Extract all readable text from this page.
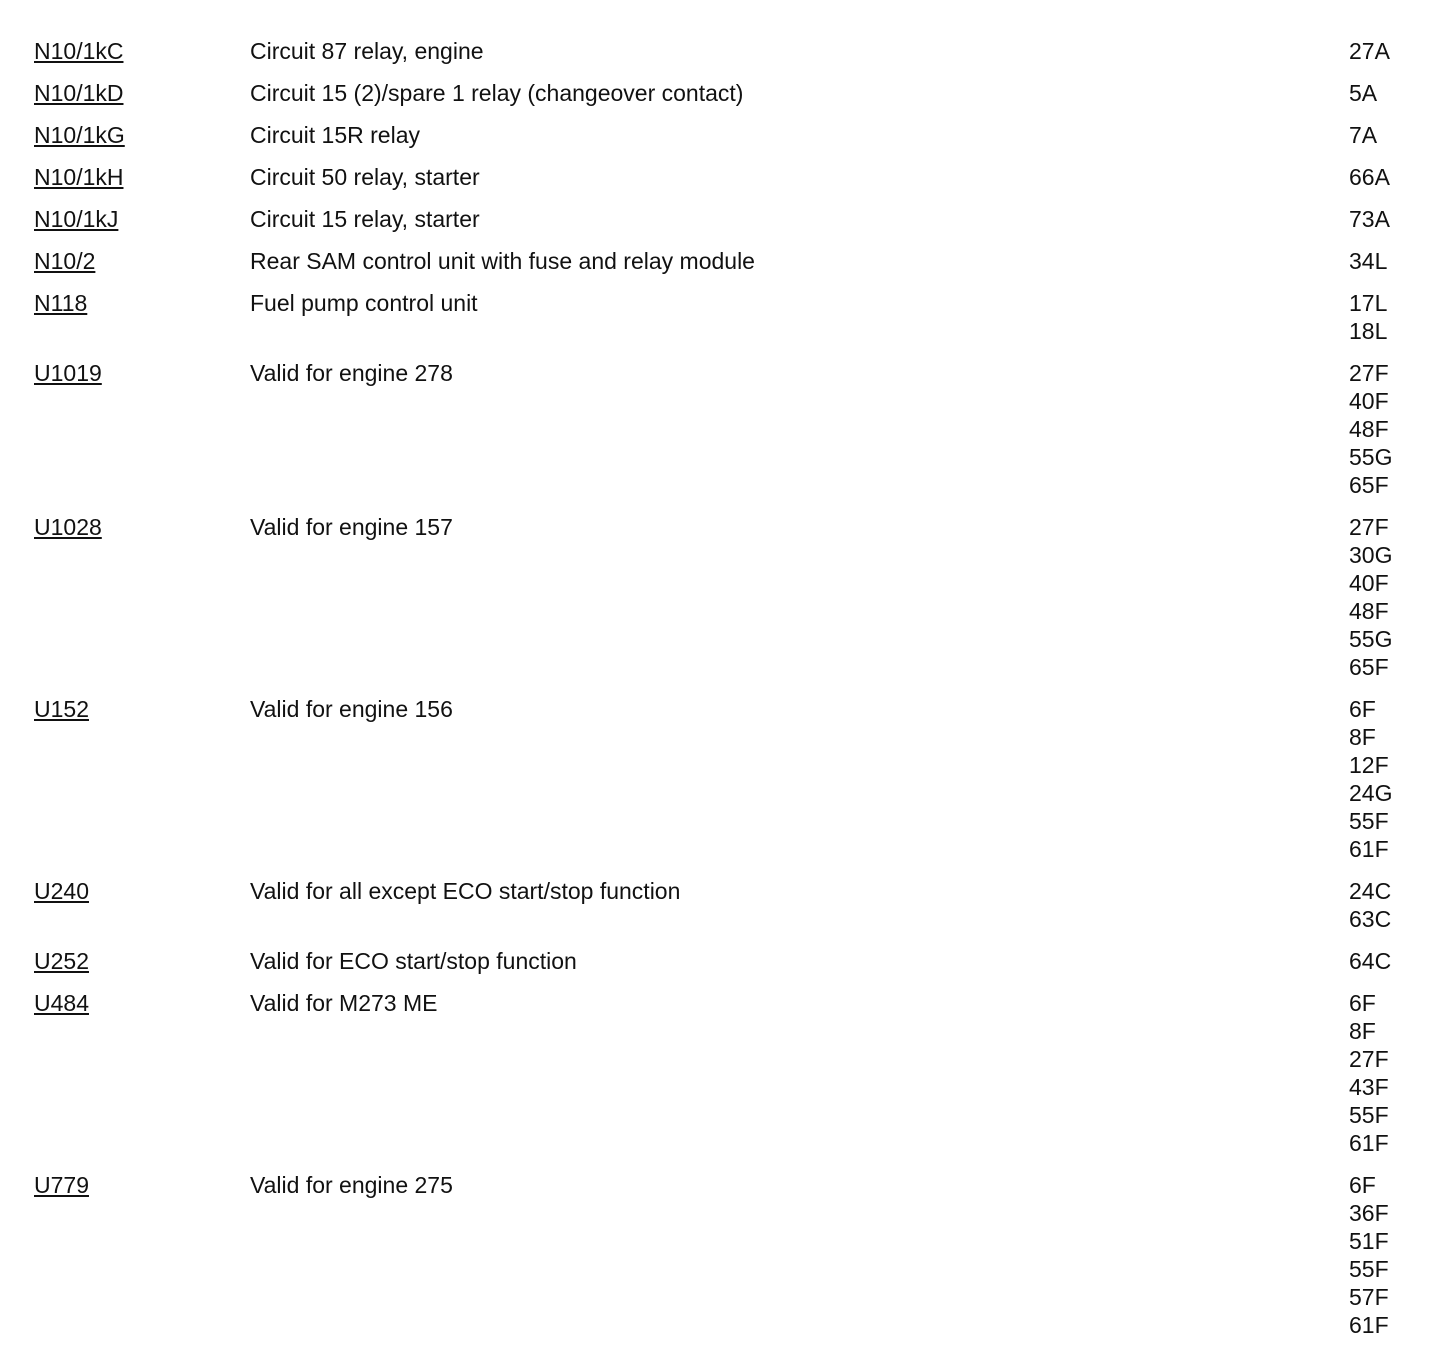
N10/1kC	Circuit 87 relay, engine	27A
N10/1kD	Circuit 15 (2)/spare 1 relay (changeover contact)	5A
N10/1kG	Circuit 15R relay	7A
N10/1kH	Circuit 50 relay, starter	66A
N10/1kJ	Circuit 15 relay, starter	73A
N10/2	Rear SAM control unit with fuse and relay module	34L
N118	Fuel pump control unit	17L
18L
U1019	Valid for engine 278	27F
40F
48F
55G
65F
U1028	Valid for engine 157	27F
30G
40F
48F
55G
65F
U152	Valid for engine 156	6F
8F
12F
24G
55F
61F
U240	Valid for all except ECO start/stop function	24C
63C
U252	Valid for ECO start/stop function	64C
U484	Valid for M273 ME	6F
8F
27F
43F
55F
61F
U779	Valid for engine 275	6F
36F
51F
55F
57F
61F
